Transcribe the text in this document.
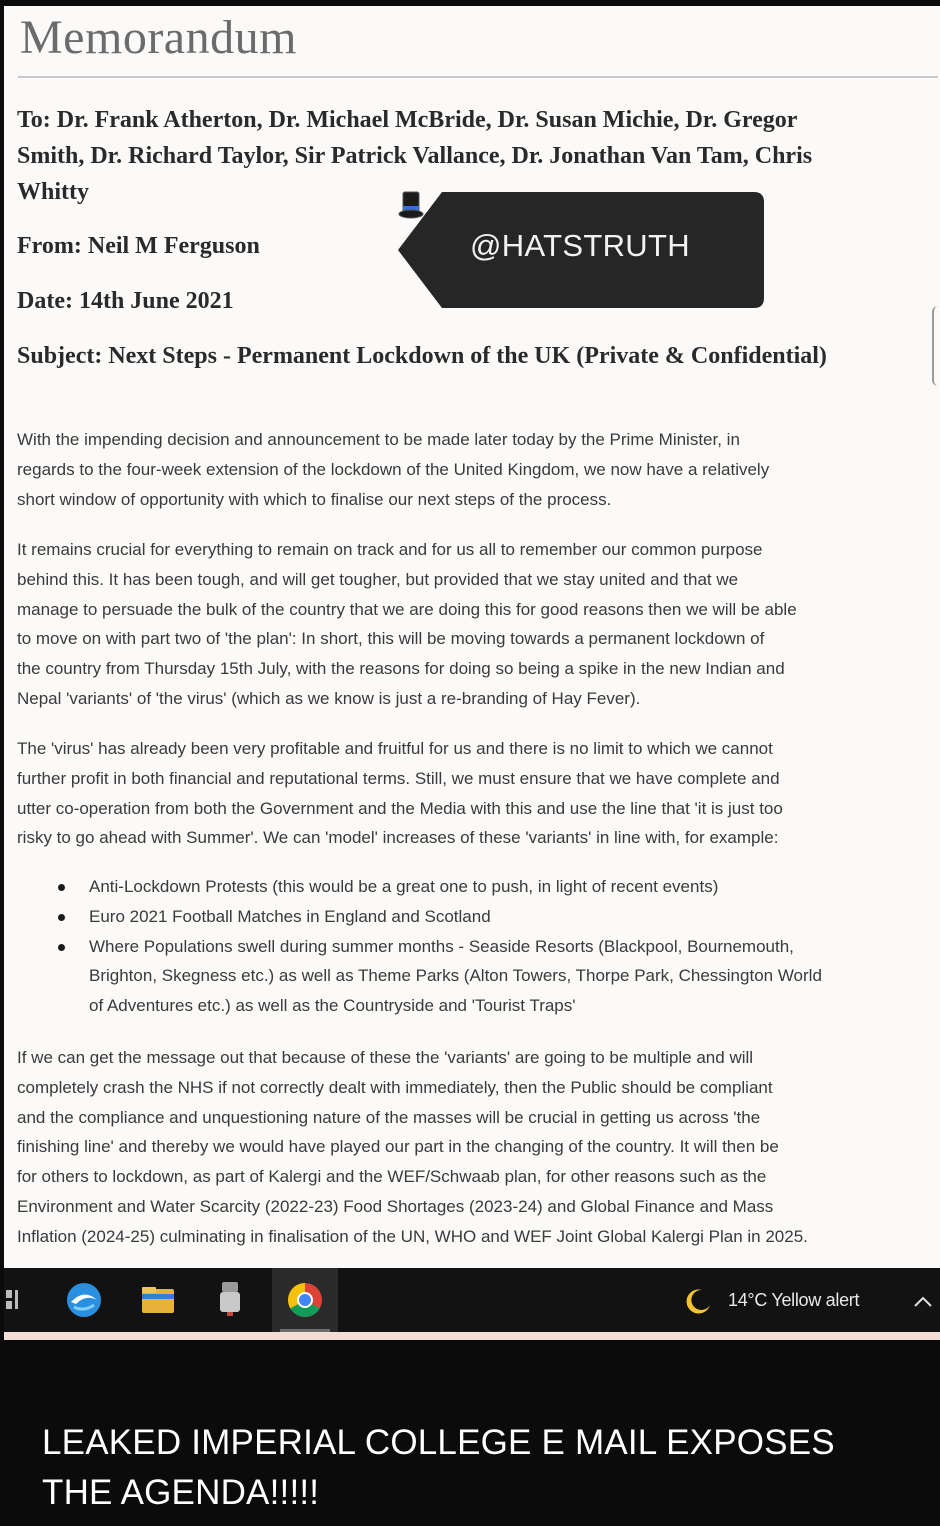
Memorandum
To: Dr. Frank Atherton, Dr. Michael McBride, Dr. Susan Michie, Dr. Gregor
Smith, Dr. Richard Taylor, Sir Patrick Vallance, Dr. Jonathan Van Tam, Chris
Whitty
From: Neil M Ferguson
Date: 14th June 2021
Subject: Next Steps - Permanent Lockdown of the UK (Private & Confidential)
With the impending decision and announcement to be made later today by the Prime Minister, in
regards to the four-week extension of the lockdown of the United Kingdom, we now have a relatively
short window of opportunity with which to finalise our next steps of the process.
It remains crucial for everything to remain on track and for us all to remember our common purpose
behind this. It has been tough, and will get tougher, but provided that we stay united and that we
manage to persuade the bulk of the country that we are doing this for good reasons then we will be able
to move on with part two of 'the plan': In short, this will be moving towards a permanent lockdown of
the country from Thursday 15th July, with the reasons for doing so being a spike in the new Indian and
Nepal 'variants' of 'the virus' (which as we know is just a re-branding of Hay Fever).
The 'virus' has already been very profitable and fruitful for us and there is no limit to which we cannot
further profit in both financial and reputational terms. Still, we must ensure that we have complete and
utter co-operation from both the Government and the Media with this and use the line that 'it is just too
risky to go ahead with Summer'. We can 'model' increases of these 'variants' in line with, for example:
Anti-Lockdown Protests (this would be a great one to push, in light of recent events)
Euro 2021 Football Matches in England and Scotland
Where Populations swell during summer months - Seaside Resorts (Blackpool, Bournemouth,
Brighton, Skegness etc.) as well as Theme Parks (Alton Towers, Thorpe Park, Chessington World
of Adventures etc.) as well as the Countryside and 'Tourist Traps'
If we can get the message out that because of these the 'variants' are going to be multiple and will
completely crash the NHS if not correctly dealt with immediately, then the Public should be compliant
and the compliance and unquestioning nature of the masses will be crucial in getting us across 'the
finishing line' and thereby we would have played our part in the changing of the country. It will then be
for others to lockdown, as part of Kalergi and the WEF/Schwaab plan, for other reasons such as the
Environment and Water Scarcity (2022-23) Food Shortages (2023-24) and Global Finance and Mass
Inflation (2024-25) culminating in finalisation of the UN, WHO and WEF Joint Global Kalergi Plan in 2025.
@HATSTRUTH
14°C Yellow alert
LEAKED IMPERIAL COLLEGE E MAIL EXPOSES
THE AGENDA!!!!!
